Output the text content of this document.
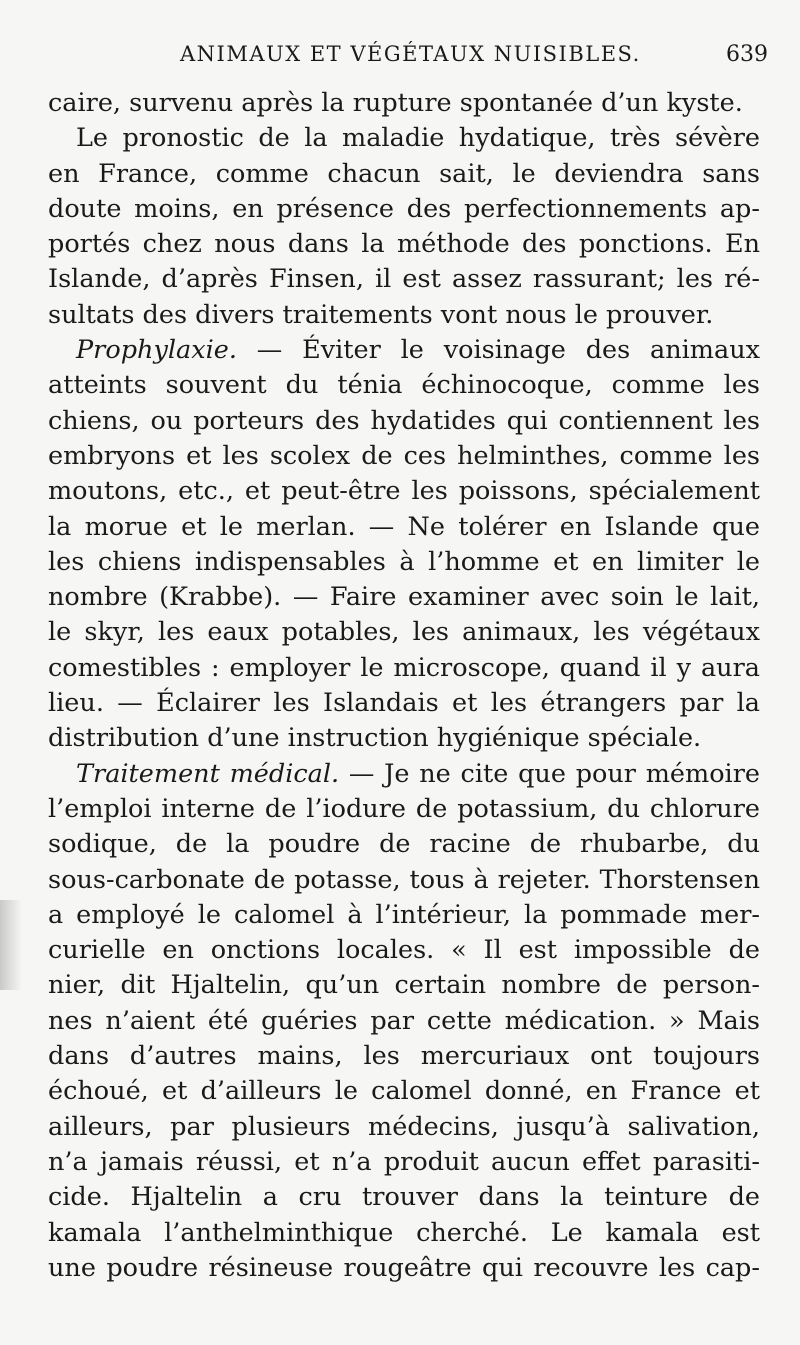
ANIMAUX ET VÉGÉTAUX NUISIBLES.	639
caire, survenu après la rupture spontanée d’un kyste.
Le pronostic de la maladie hydatique, très sévère
en France, comme chacun sait, le deviendra sans
doute moins, en présence des perfectionnements ap-
portés chez nous dans la méthode des ponctions. En
Islande, d’après Finsen, il est assez rassurant; les ré-
sultats des divers traitements vont nous le prouver.
Prophylaxie. — Éviter le voisinage des animaux
atteints souvent du ténia échinocoque, comme les
chiens, ou porteurs des hydatides qui contiennent les
embryons et les scolex de ces helminthes, comme les
moutons, etc., et peut-être les poissons, spécialement
la morue et le merlan. — Ne tolérer en Islande que
les chiens indispensables à l’homme et en limiter le
nombre (Krabbe). — Faire examiner avec soin le lait,
le skyr, les eaux potables, les animaux, les végétaux
comestibles : employer le microscope, quand il y aura
lieu. — Éclairer les Islandais et les étrangers par la
distribution d’une instruction hygiénique spéciale.
Traitement médical. — Je ne cite que pour mémoire
l’emploi interne de l’iodure de potassium, du chlorure
sodique, de la poudre de racine de rhubarbe, du
sous-carbonate de potasse, tous à rejeter. Thorstensen
a employé le calomel à l’intérieur, la pommade mer-
curielle en onctions locales. « Il est impossible de
nier, dit Hjaltelin, qu’un certain nombre de person-
nes n’aient été guéries par cette médication. » Mais
dans d’autres mains, les mercuriaux ont toujours
échoué, et d’ailleurs le calomel donné, en France et
ailleurs, par plusieurs médecins, jusqu’à salivation,
n’a jamais réussi, et n’a produit aucun effet parasiti-
cide. Hjaltelin a cru trouver dans la teinture de
kamala l’anthelminthique cherché. Le kamala est
une poudre résineuse rougeâtre qui recouvre les cap-
